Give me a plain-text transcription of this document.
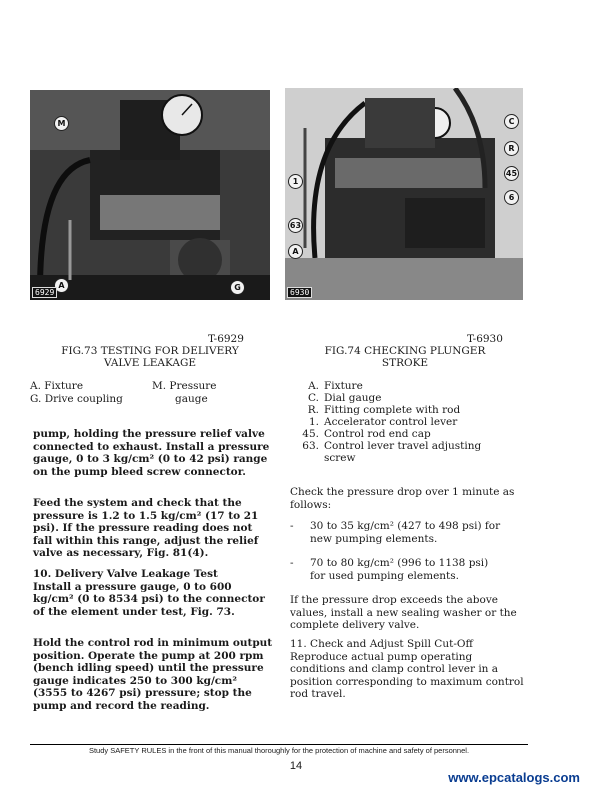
M
A	G
6929
C
R
45
6
1
63
A
6930
T-6929
FIG.73 TESTING FOR DELIVERY
VALVE LEAKAGE
A. Fixture	M. Pressure
G. Drive coupling	gauge

pump, holding the pressure relief valve connected to exhaust. Install a pressure gauge, 0 to 3 kg/cm² (0 to 42 psi) range on the pump bleed screw connector.

Feed the system and check that the pressure is 1.2 to 1.5 kg/cm² (17 to 21 psi). If the pressure reading does not fall within this range, adjust the relief valve as necessary, Fig. 81(4).

10. Delivery Valve Leakage Test

Install a pressure gauge, 0 to 600 kg/cm² (0 to 8534 psi) to the connector of the element under test, Fig. 73.

Hold the control rod in minimum output position. Operate the pump at 200 rpm (bench idling speed) until the pressure gauge indicates 250 to 300 kg/cm² (3555 to 4267 psi) pressure; stop the pump and record the reading.

T-6930
FIG.74 CHECKING PLUNGER
STROKE
A. Fixture
C. Dial gauge
R. Fitting complete with rod
1. Accelerator control lever
45. Control rod end cap
63. Control lever travel adjusting
screw

Check the pressure drop over 1 minute as follows:

- 30 to 35 kg/cm² (427 to 498 psi) for
new pumping elements.
- 70 to 80 kg/cm² (996 to 1138 psi)
for used pumping elements.

If the pressure drop exceeds the above values, install a new sealing washer or the complete delivery valve.

11. Check and Adjust Spill Cut-Off

Reproduce actual pump operating conditions and clamp control lever in a position corresponding to maximum control rod travel.

Study SAFETY RULES in the front of this manual thoroughly for the protection of machine and safety of personnel.
14
www.epcatalogs.com
